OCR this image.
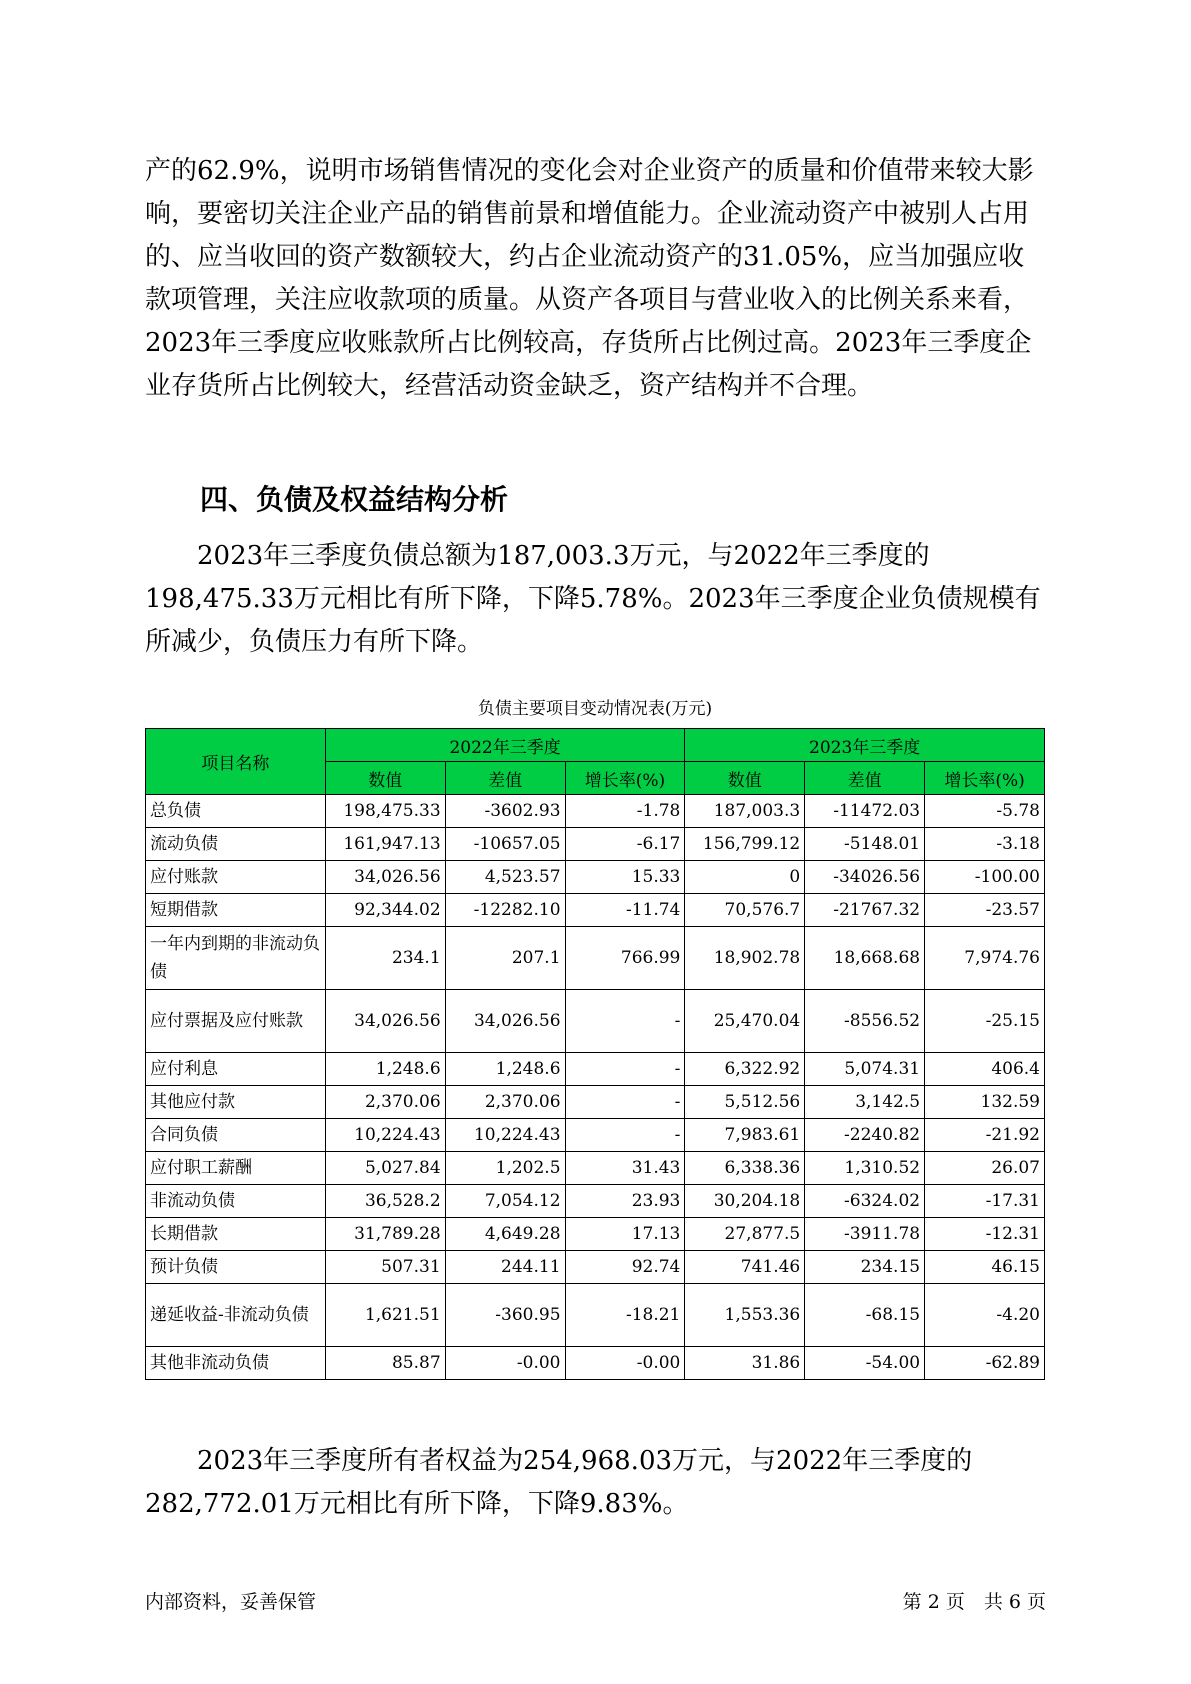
产的62.9%，说明市场销售情况的变化会对企业资产的质量和价值带来较大影响，要密切关注企业产品的销售前景和增值能力。企业流动资产中被别人占用的、应当收回的资产数额较大，约占企业流动资产的31.05%，应当加强应收款项管理，关注应收款项的质量。从资产各项目与营业收入的比例关系来看，2023年三季度应收账款所占比例较高，存货所占比例过高。2023年三季度企业存货所占比例较大，经营活动资金缺乏，资产结构并不合理。

四、负债及权益结构分析

2023年三季度负债总额为187,003.3万元，与2022年三季度的198,475.33万元相比有所下降，下降5.78%。2023年三季度企业负债规模有所减少，负债压力有所下降。

负债主要项目变动情况表(万元)
项目名称	2022年三季度			2023年三季度		
	数值	差值	增长率(%)	数值	差值	增长率(%)
总负债	198,475.33	-3602.93	-1.78	187,003.3	-11472.03	-5.78
流动负债	161,947.13	-10657.05	-6.17	156,799.12	-5148.01	-3.18
应付账款	34,026.56	4,523.57	15.33	0	-34026.56	-100.00
短期借款	92,344.02	-12282.10	-11.74	70,576.7	-21767.32	-23.57
一年内到期的非流动负债	234.1	207.1	766.99	18,902.78	18,668.68	7,974.76
应付票据及应付账款	34,026.56	34,026.56	-	25,470.04	-8556.52	-25.15
应付利息	1,248.6	1,248.6	-	6,322.92	5,074.31	406.4
其他应付款	2,370.06	2,370.06	-	5,512.56	3,142.5	132.59
合同负债	10,224.43	10,224.43	-	7,983.61	-2240.82	-21.92
应付职工薪酬	5,027.84	1,202.5	31.43	6,338.36	1,310.52	26.07
非流动负债	36,528.2	7,054.12	23.93	30,204.18	-6324.02	-17.31
长期借款	31,789.28	4,649.28	17.13	27,877.5	-3911.78	-12.31
预计负债	507.31	244.11	92.74	741.46	234.15	46.15
递延收益-非流动负债	1,621.51	-360.95	-18.21	1,553.36	-68.15	-4.20
其他非流动负债	85.87	-0.00	-0.00	31.86	-54.00	-62.89

2023年三季度所有者权益为254,968.03万元，与2022年三季度的282,772.01万元相比有所下降，下降9.83%。

内部资料，妥善保管	第 2 页　共 6 页
